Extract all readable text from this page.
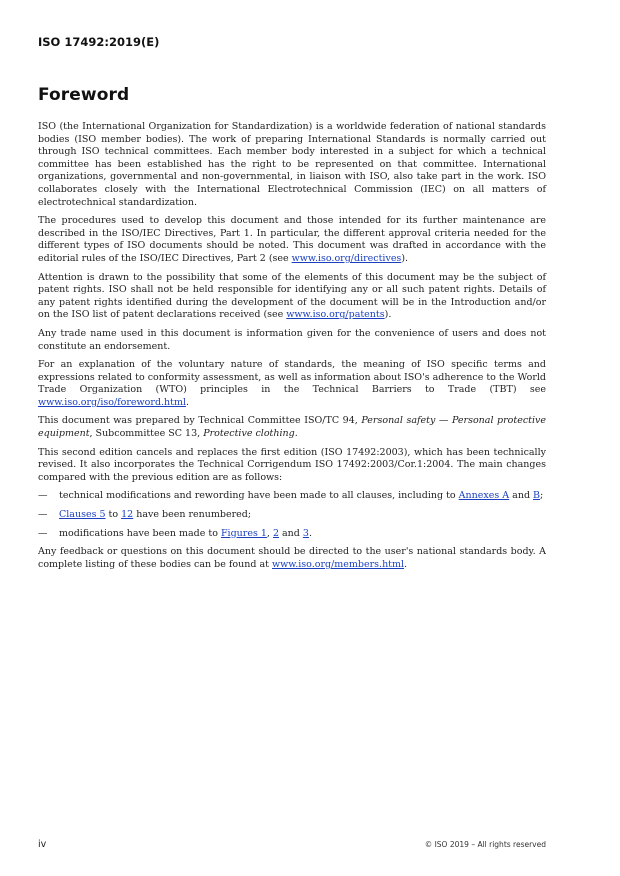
ISO 17492:2019(E)
Foreword

ISO (the International Organization for Standardization) is a worldwide federation of national standards bodies (ISO member bodies). The work of preparing International Standards is normally carried out through ISO technical committees. Each member body interested in a subject for which a technical committee has been established has the right to be represented on that committee. International organizations, governmental and non-governmental, in liaison with ISO, also take part in the work. ISO collaborates closely with the International Electrotechnical Commission (IEC) on all matters of electrotechnical standardization.

The procedures used to develop this document and those intended for its further maintenance are described in the ISO/IEC Directives, Part 1. In particular, the different approval criteria needed for the different types of ISO documents should be noted. This document was drafted in accordance with the editorial rules of the ISO/IEC Directives, Part 2 (see www.iso.org/directives).

Attention is drawn to the possibility that some of the elements of this document may be the subject of patent rights. ISO shall not be held responsible for identifying any or all such patent rights. Details of any patent rights identified during the development of the document will be in the Introduction and/or on the ISO list of patent declarations received (see www.iso.org/patents).

Any trade name used in this document is information given for the convenience of users and does not constitute an endorsement.

For an explanation of the voluntary nature of standards, the meaning of ISO specific terms and expressions related to conformity assessment, as well as information about ISO's adherence to the World Trade Organization (WTO) principles in the Technical Barriers to Trade (TBT) see www.iso.org/iso/foreword.html.

This document was prepared by Technical Committee ISO/TC 94, Personal safety — Personal protective equipment, Subcommittee SC 13, Protective clothing.

This second edition cancels and replaces the first edition (ISO 17492:2003), which has been technically revised. It also incorporates the Technical Corrigendum ISO 17492:2003/Cor.1:2004. The main changes compared with the previous edition are as follows:

—	technical modifications and rewording have been made to all clauses, including to Annexes A and B;
—	Clauses 5 to 12 have been renumbered;
—	modifications have been made to Figures 1, 2 and 3.

Any feedback or questions on this document should be directed to the user's national standards body. A complete listing of these bodies can be found at www.iso.org/members.html.

iv	© ISO 2019 – All rights reserved
